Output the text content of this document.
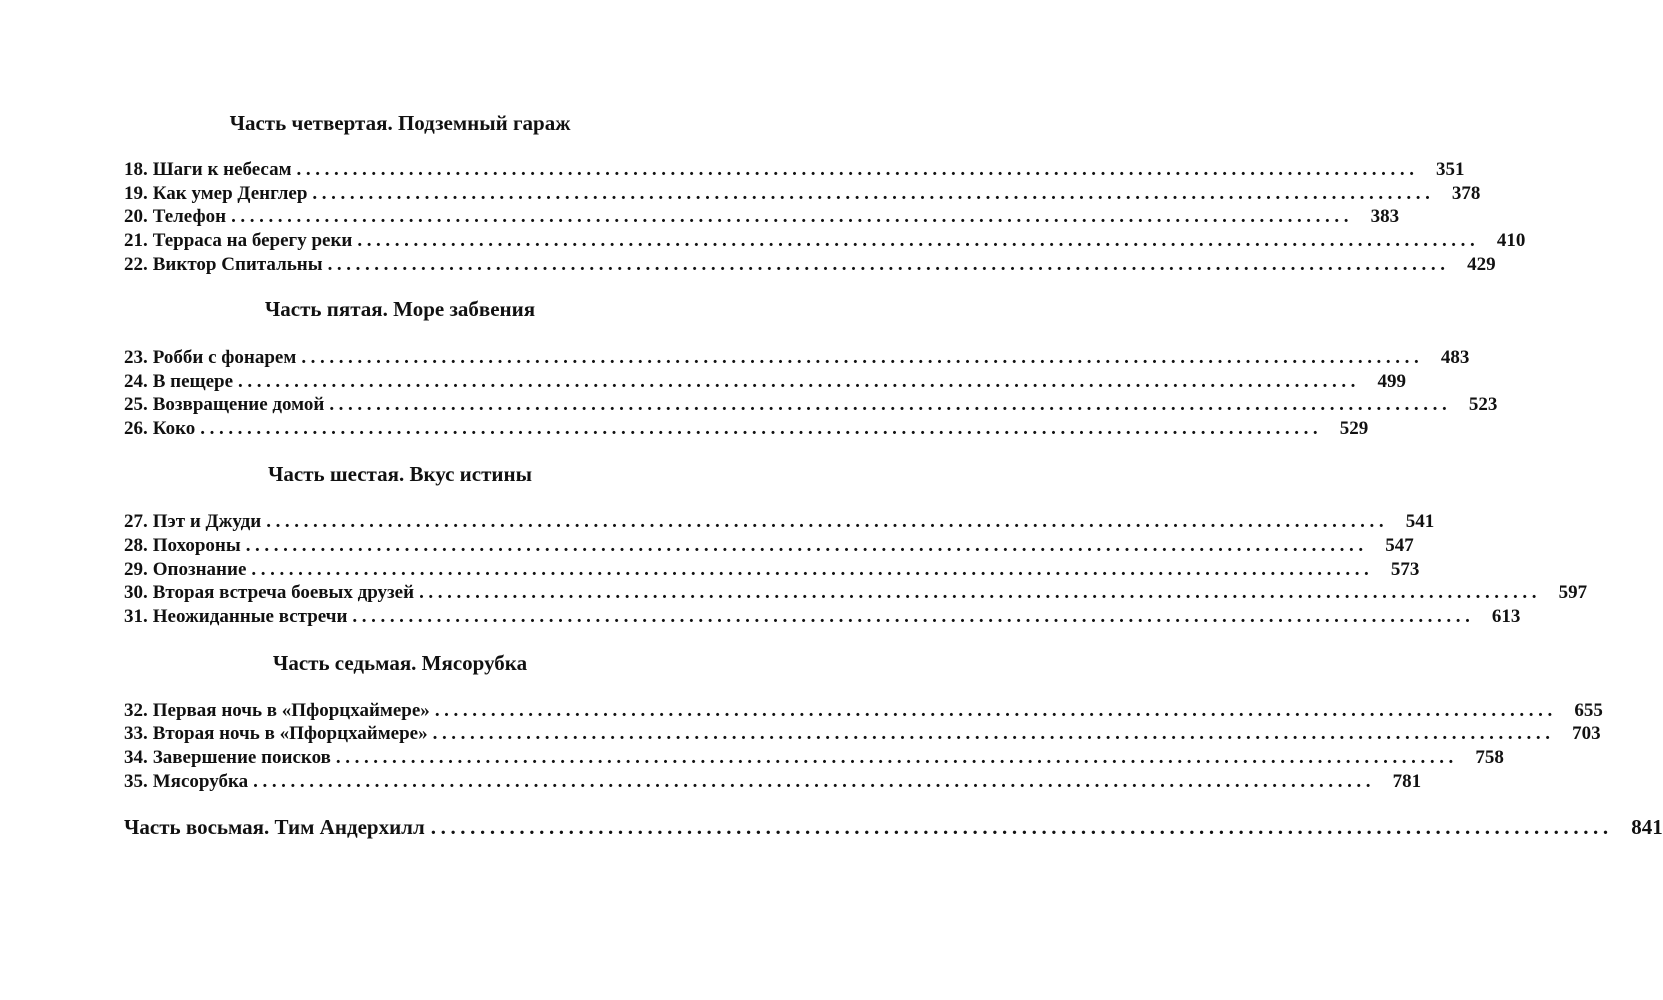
Часть четвертая. Подземный гараж
18. Шаги к небесам ........................................................................................................................ 351
19. Как умер Денглер ........................................................................................................................ 378
20. Телефон ........................................................................................................................ 383
21. Терраса на берегу реки ........................................................................................................................ 410
22. Виктор Спитальны ........................................................................................................................ 429
Часть пятая. Море забвения
23. Робби с фонарем ........................................................................................................................ 483
24. В пещере ........................................................................................................................ 499
25. Возвращение домой ........................................................................................................................ 523
26. Коко ........................................................................................................................ 529
Часть шестая. Вкус истины
27. Пэт и Джуди ........................................................................................................................ 541
28. Похороны ........................................................................................................................ 547
29. Опознание ........................................................................................................................ 573
30. Вторая встреча боевых друзей ........................................................................................................................ 597
31. Неожиданные встречи ........................................................................................................................ 613
Часть седьмая. Мясорубка
32. Первая ночь в «Пфорцхаймере» ........................................................................................................................ 655
33. Вторая ночь в «Пфорцхаймере» ........................................................................................................................ 703
34. Завершение поисков ........................................................................................................................ 758
35. Мясорубка ........................................................................................................................ 781
Часть восьмая. Тим Андерхилл ........................................................................................................................ 841
